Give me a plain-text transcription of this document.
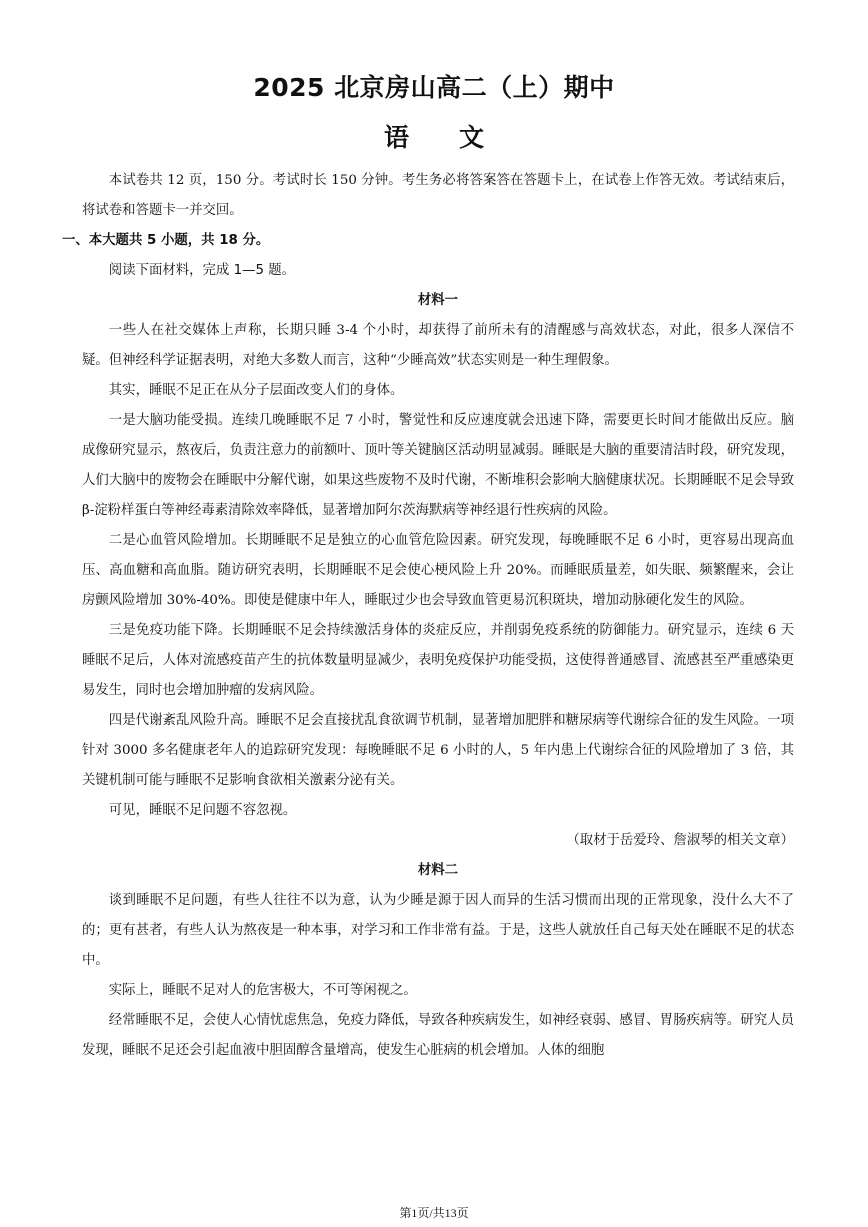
2025 北京房山高二（上）期中
语文

本试卷共 12 页，150 分。考试时长 150 分钟。考生务必将答案答在答题卡上，在试卷上作答无效。考试结束后，将试卷和答题卡一并交回。

一、本大题共 5 小题，共 18 分。

阅读下面材料，完成 1—5 题。

材料一

一些人在社交媒体上声称，长期只睡 3-4 个小时，却获得了前所未有的清醒感与高效状态，对此，很多人深信不疑。但神经科学证据表明，对绝大多数人而言，这种“少睡高效”状态实则是一种生理假象。

其实，睡眠不足正在从分子层面改变人们的身体。

一是大脑功能受损。连续几晚睡眠不足 7 小时，警觉性和反应速度就会迅速下降，需要更长时间才能做出反应。脑成像研究显示，熬夜后，负责注意力的前额叶、顶叶等关键脑区活动明显减弱。睡眠是大脑的重要清洁时段，研究发现，人们大脑中的废物会在睡眠中分解代谢，如果这些废物不及时代谢，不断堆积会影响大脑健康状况。长期睡眠不足会导致β-淀粉样蛋白等神经毒素清除效率降低，显著增加阿尔茨海默病等神经退行性疾病的风险。

二是心血管风险增加。长期睡眠不足是独立的心血管危险因素。研究发现，每晚睡眠不足 6 小时，更容易出现高血压、高血糖和高血脂。随访研究表明，长期睡眠不足会使心梗风险上升 20%。而睡眠质量差，如失眠、频繁醒来，会让房颤风险增加 30%-40%。即使是健康中年人，睡眠过少也会导致血管更易沉积斑块，增加动脉硬化发生的风险。

三是免疫功能下降。长期睡眠不足会持续激活身体的炎症反应，并削弱免疫系统的防御能力。研究显示，连续 6 天睡眠不足后，人体对流感疫苗产生的抗体数量明显减少，表明免疫保护功能受损，这使得普通感冒、流感甚至严重感染更易发生，同时也会增加肿瘤的发病风险。

四是代谢紊乱风险升高。睡眠不足会直接扰乱食欲调节机制，显著增加肥胖和糖尿病等代谢综合征的发生风险。一项针对 3000 多名健康老年人的追踪研究发现：每晚睡眠不足 6 小时的人，5 年内患上代谢综合征的风险增加了 3 倍，其关键机制可能与睡眠不足影响食欲相关激素分泌有关。

可见，睡眠不足问题不容忽视。

（取材于岳爱玲、詹淑琴的相关文章）

材料二

谈到睡眠不足问题，有些人往往不以为意，认为少睡是源于因人而异的生活习惯而出现的正常现象，没什么大不了的；更有甚者，有些人认为熬夜是一种本事，对学习和工作非常有益。于是，这些人就放任自己每天处在睡眠不足的状态中。

实际上，睡眠不足对人的危害极大，不可等闲视之。

经常睡眠不足，会使人心情忧虑焦急，免疫力降低，导致各种疾病发生，如神经衰弱、感冒、胃肠疾病等。研究人员发现，睡眠不足还会引起血液中胆固醇含量增高，使发生心脏病的机会增加。人体的细胞

第1页/共13页
